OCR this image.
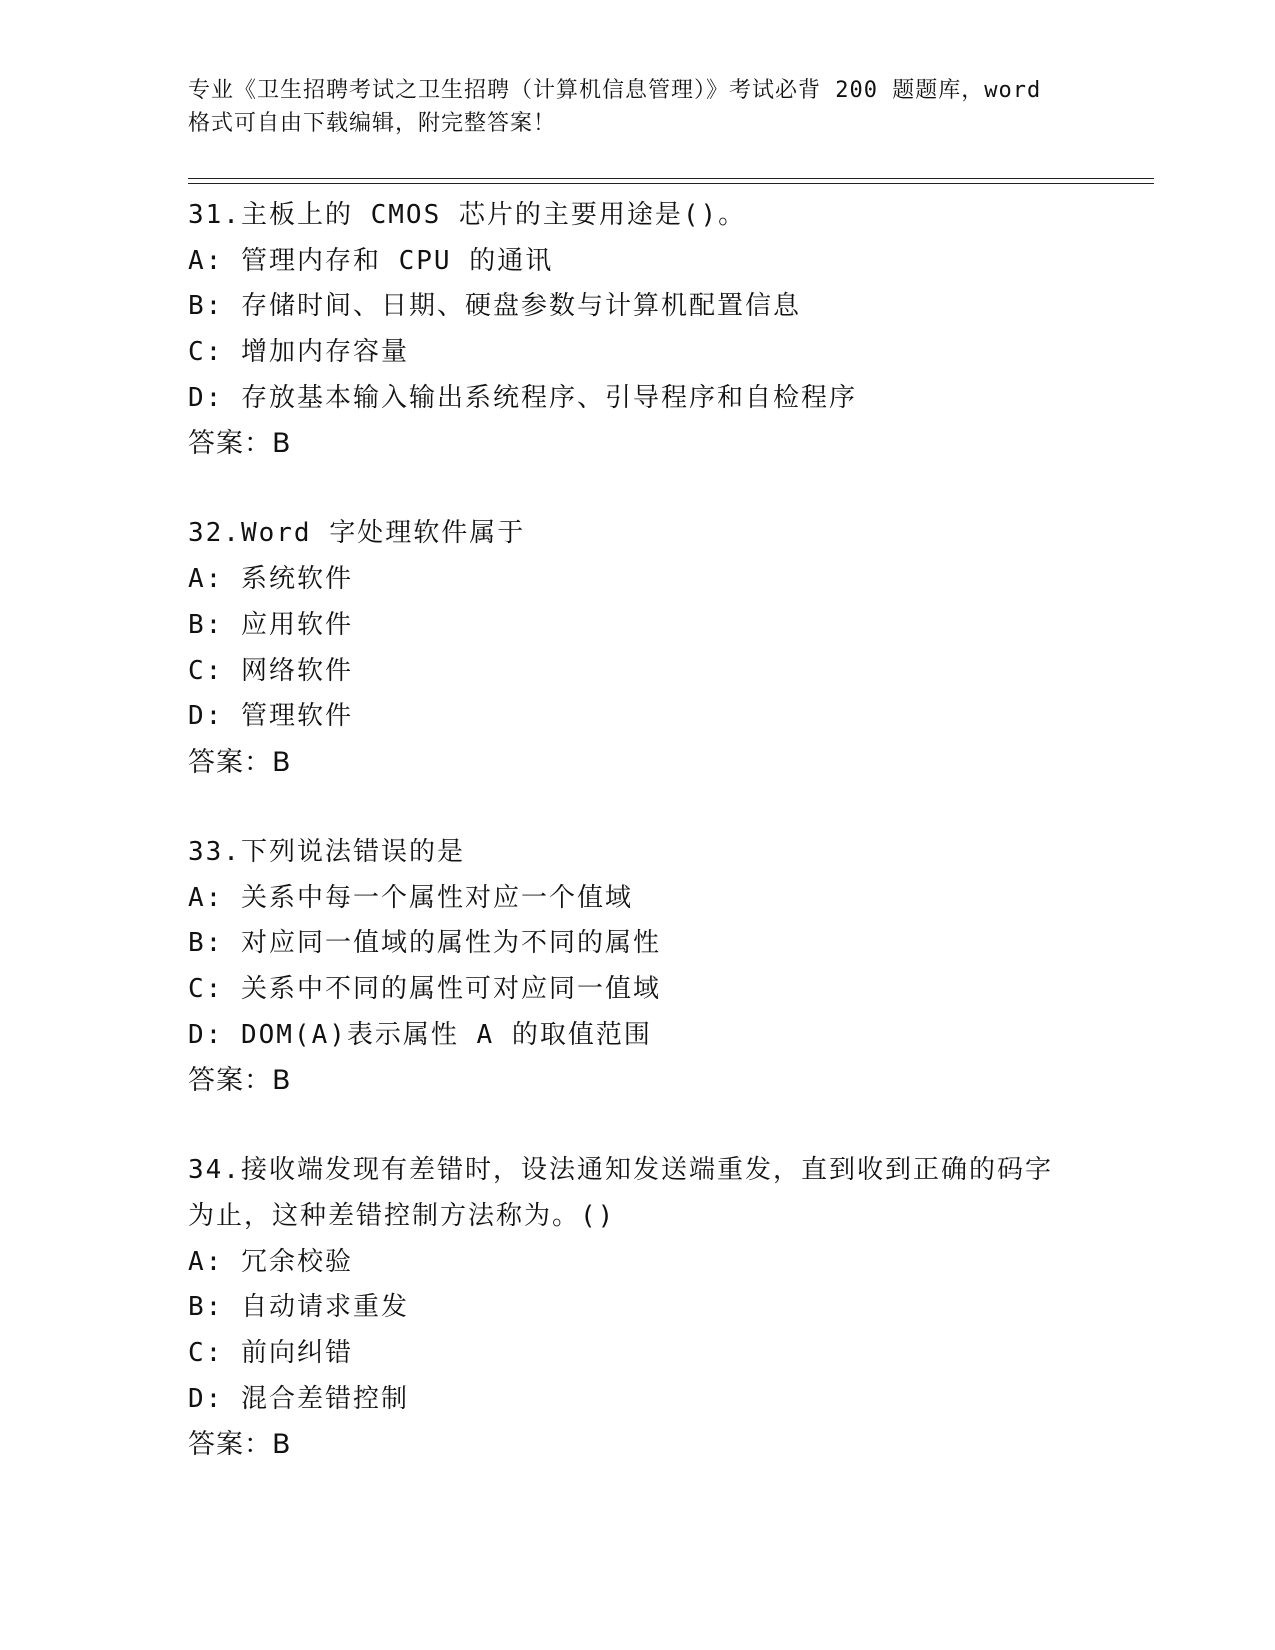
专业《卫生招聘考试之卫生招聘（计算机信息管理）》考试必背 200 题题库，word
格式可自由下载编辑，附完整答案！
31.主板上的 CMOS 芯片的主要用途是()。
A: 管理内存和 CPU 的通讯
B: 存储时间、日期、硬盘参数与计算机配置信息
C: 增加内存容量
D: 存放基本输入输出系统程序、引导程序和自检程序
答案：B
32.Word 字处理软件属于
A: 系统软件
B: 应用软件
C: 网络软件
D: 管理软件
答案：B
33.下列说法错误的是
A: 关系中每一个属性对应一个值域
B: 对应同一值域的属性为不同的属性
C: 关系中不同的属性可对应同一值域
D: DOM(A)表示属性 A 的取值范围
答案：B
34.接收端发现有差错时，设法通知发送端重发，直到收到正确的码字
为止，这种差错控制方法称为。()
A: 冗余校验
B: 自动请求重发
C: 前向纠错
D: 混合差错控制
答案：B
